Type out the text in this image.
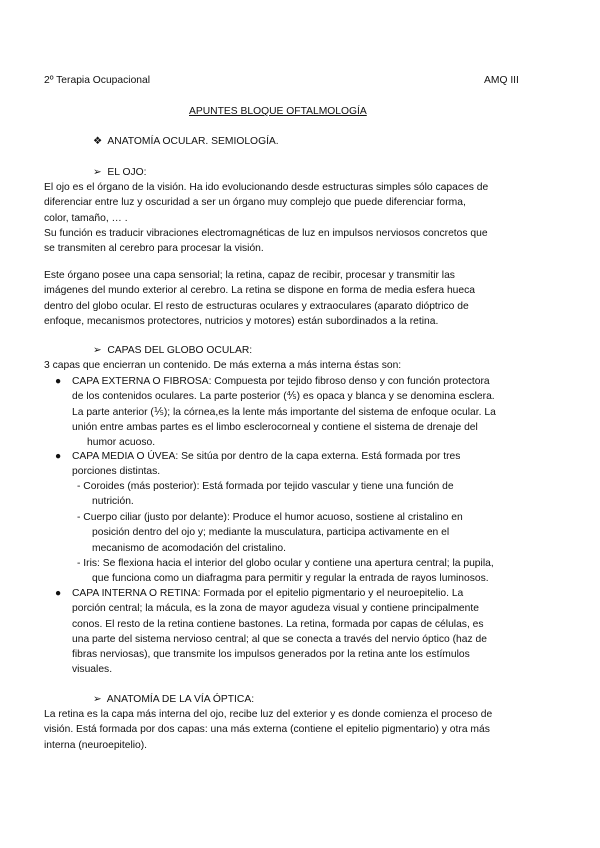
2º Terapia Ocupacional	AMQ III
APUNTES BLOQUE OFTALMOLOGÍA
❖ ANATOMÍA OCULAR. SEMIOLOGÍA.
➢ EL OJO:
El ojo es el órgano de la visión. Ha ido evolucionando desde estructuras simples sólo capaces de
diferenciar entre luz y oscuridad a ser un órgano muy complejo que puede diferenciar forma,
color, tamaño, … .
Su función es traducir vibraciones electromagnéticas de luz en impulsos nerviosos concretos que
se transmiten al cerebro para procesar la visión.
Este órgano posee una capa sensorial; la retina, capaz de recibir, procesar y transmitir las
imágenes del mundo exterior al cerebro. La retina se dispone en forma de media esfera hueca
dentro del globo ocular. El resto de estructuras oculares y extraoculares (aparato dióptrico de
enfoque, mecanismos protectores, nutricios y motores) están subordinados a la retina.
➢ CAPAS DEL GLOBO OCULAR:
3 capas que encierran un contenido. De más externa a más interna éstas son:
● CAPA EXTERNA O FIBROSA: Compuesta por tejido fibroso denso y con función protectora
de los contenidos oculares. La parte posterior (⅘) es opaca y blanca y se denomina esclera.
La parte anterior (⅕); la córnea,es la lente más importante del sistema de enfoque ocular. La
unión entre ambas partes es el limbo esclerocorneal y contiene el sistema de drenaje del
humor acuoso.
● CAPA MEDIA O ÚVEA: Se sitúa por dentro de la capa externa. Está formada por tres
porciones distintas.
- Coroides (más posterior): Está formada por tejido vascular y tiene una función de
nutrición.
- Cuerpo ciliar (justo por delante): Produce el humor acuoso, sostiene al cristalino en
posición dentro del ojo y; mediante la musculatura, participa activamente en el
mecanismo de acomodación del cristalino.
- Iris: Se flexiona hacia el interior del globo ocular y contiene una apertura central; la pupila,
que funciona como un diafragma para permitir y regular la entrada de rayos luminosos.
● CAPA INTERNA O RETINA: Formada por el epitelio pigmentario y el neuroepitelio. La
porción central; la mácula, es la zona de mayor agudeza visual y contiene principalmente
conos. El resto de la retina contiene bastones. La retina, formada por capas de células, es
una parte del sistema nervioso central; al que se conecta a través del nervio óptico (haz de
fibras nerviosas), que transmite los impulsos generados por la retina ante los estímulos
visuales.
➢ ANATOMÍA DE LA VÍA ÓPTICA:
La retina es la capa más interna del ojo, recibe luz del exterior y es donde comienza el proceso de
visión. Está formada por dos capas: una más externa (contiene el epitelio pigmentario) y otra más
interna (neuroepitelio).
